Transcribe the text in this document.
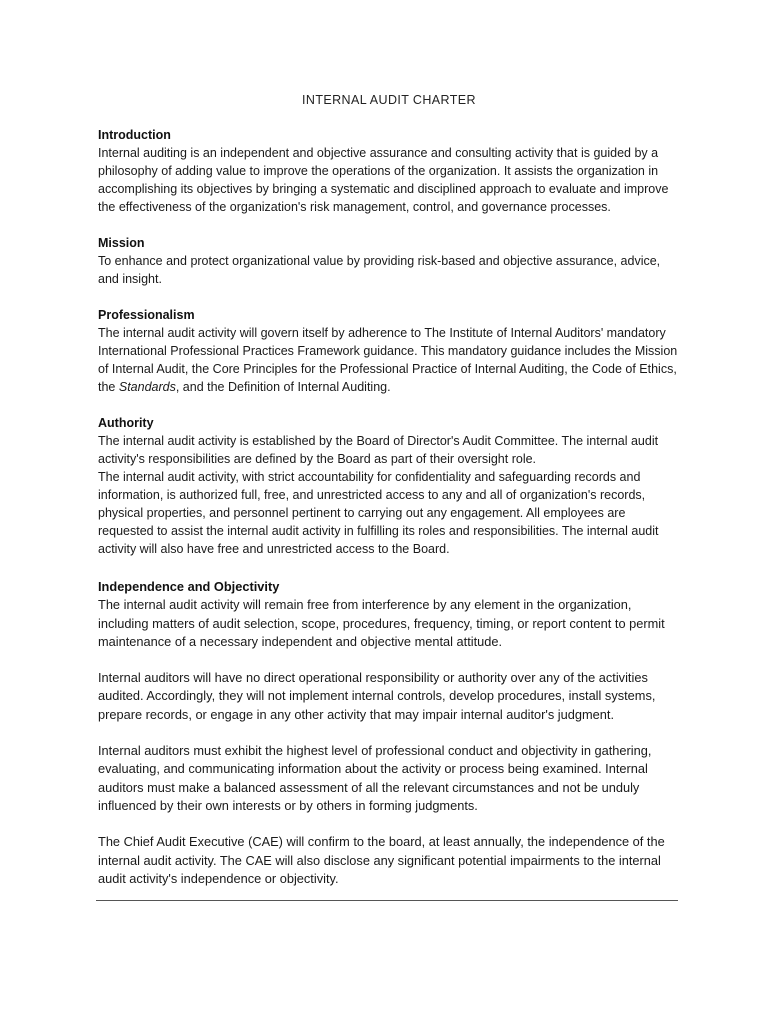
INTERNAL AUDIT CHARTER
Introduction

Internal auditing is an independent and objective assurance and consulting activity that is guided by a philosophy of adding value to improve the operations of the organization. It assists the organization in accomplishing its objectives by bringing a systematic and disciplined approach to evaluate and improve the effectiveness of the organization's risk management, control, and governance processes.

Mission

To enhance and protect organizational value by providing risk-based and objective assurance, advice, and insight.

Professionalism

The internal audit activity will govern itself by adherence to The Institute of Internal Auditors' mandatory International Professional Practices Framework guidance. This mandatory guidance includes the Mission of Internal Audit, the Core Principles for the Professional Practice of Internal Auditing, the Code of Ethics, the Standards, and the Definition of Internal Auditing.

Authority

The internal audit activity is established by the Board of Director's Audit Committee. The internal audit activity's responsibilities are defined by the Board as part of their oversight role.

The internal audit activity, with strict accountability for confidentiality and safeguarding records and information, is authorized full, free, and unrestricted access to any and all of organization's records, physical properties, and personnel pertinent to carrying out any engagement. All employees are requested to assist the internal audit activity in fulfilling its roles and responsibilities. The internal audit activity will also have free and unrestricted access to the Board.

Independence and Objectivity

The internal audit activity will remain free from interference by any element in the organization, including matters of audit selection, scope, procedures, frequency, timing, or report content to permit maintenance of a necessary independent and objective mental attitude.

Internal auditors will have no direct operational responsibility or authority over any of the activities audited. Accordingly, they will not implement internal controls, develop procedures, install systems, prepare records, or engage in any other activity that may impair internal auditor's judgment.

Internal auditors must exhibit the highest level of professional conduct and objectivity in gathering, evaluating, and communicating information about the activity or process being examined. Internal auditors must make a balanced assessment of all the relevant circumstances and not be unduly influenced by their own interests or by others in forming judgments.

The Chief Audit Executive (CAE) will confirm to the board, at least annually, the independence of the internal audit activity. The CAE will also disclose any significant potential impairments to the internal audit activity's independence or objectivity.
